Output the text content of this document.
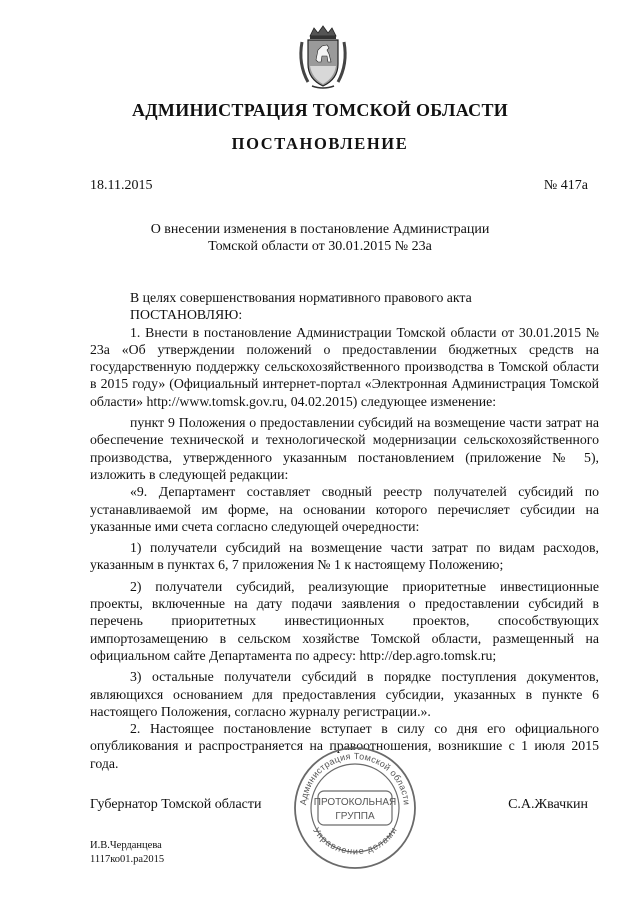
АДМИНИСТРАЦИЯ ТОМСКОЙ ОБЛАСТИ
ПОСТАНОВЛЕНИЕ
18.11.2015	№ 417а
О внесении изменения в постановление Администрации
Томской области от 30.01.2015 № 23а

В целях совершенствования нормативного правового акта

ПОСТАНОВЛЯЮ:

1. Внести в постановление Администрации Томской области от 30.01.2015 № 23а «Об утверждении положений о предоставлении бюджетных средств на государственную поддержку сельскохозяйственного производства в Томской области в 2015 году» (Официальный интернет-портал «Электронная Администрация Томской области» http://www.tomsk.gov.ru, 04.02.2015) следующее изменение:

пункт 9 Положения о предоставлении субсидий на возмещение части затрат на обеспечение технической и технологической модернизации сельскохозяйственного производства, утвержденного указанным постановлением (приложение № 5), изложить в следующей редакции:

«9. Департамент составляет сводный реестр получателей субсидий по устанавливаемой им форме, на основании которого перечисляет субсидии на указанные ими счета согласно следующей очередности:

1) получатели субсидий на возмещение части затрат по видам расходов, указанным в пунктах 6, 7 приложения № 1 к настоящему Положению;

2) получатели субсидий, реализующие приоритетные инвестиционные проекты, включенные на дату подачи заявления о предоставлении субсидий в перечень приоритетных инвестиционных проектов, способствующих импортозамещению в сельском хозяйстве Томской области, размещенный на официальном сайте Департамента по адресу: http://dep.agro.tomsk.ru;

3) остальные получатели субсидий в порядке поступления документов, являющихся основанием для предоставления субсидии, указанных в пункте 6 настоящего Положения, согласно журналу регистрации.».

2. Настоящее постановление вступает в силу со дня его официального опубликования и распространяется на правоотношения, возникшие с 1 июля 2015 года.

Губернатор Томской области	С.А.Жвачкин
Администрация Томской области
Управление делами
ПРОТОКОЛЬНАЯ
ГРУППА
И.В.Черданцева
1117ко01.ра2015
